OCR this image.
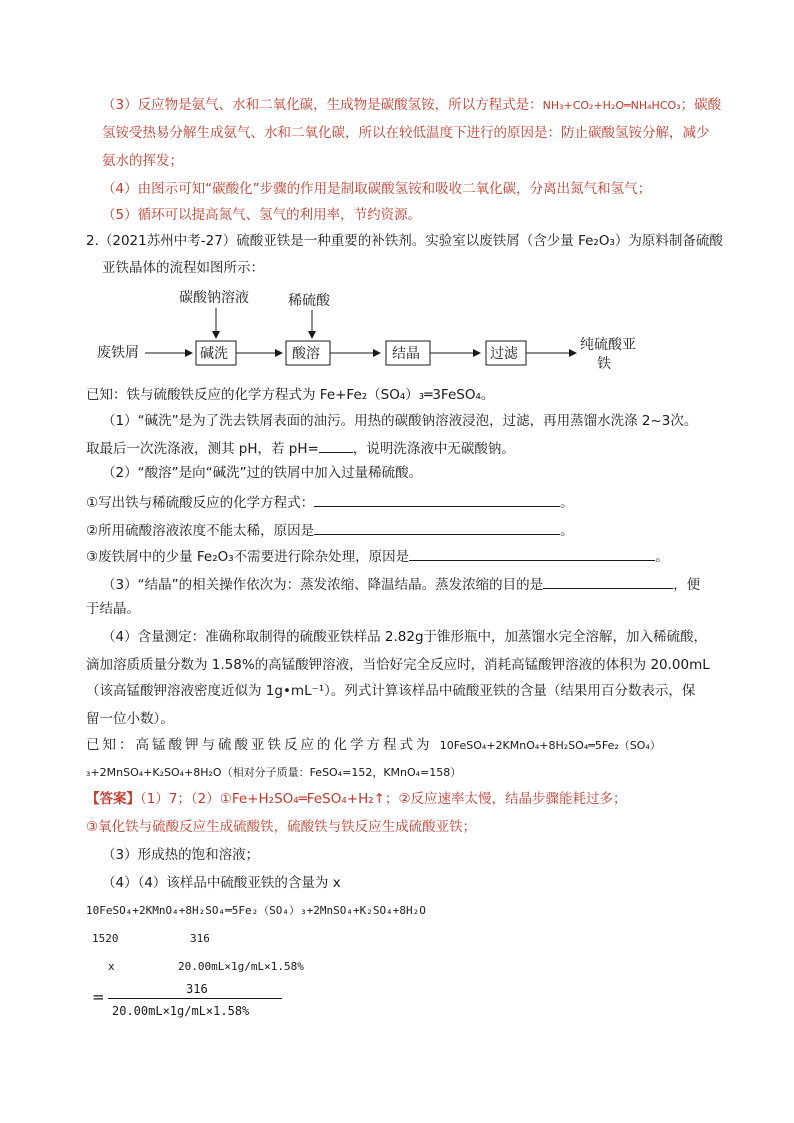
（3）反应物是氨气、水和二氧化碳，生成物是碳酸氢铵，所以方程式是：NH₃+CO₂+H₂O═NH₄HCO₃；碳酸
氢铵受热易分解生成氨气、水和二氧化碳，所以在较低温度下进行的原因是：防止碳酸氢铵分解，减少
氨水的挥发；
（4）由图示可知“碳酸化”步骤的作用是制取碳酸氢铵和吸收二氧化碳，分离出氮气和氢气；
（5）循环可以提高氮气、氢气的利用率，节约资源。
2.（2021苏州中考-27）硫酸亚铁是一种重要的补铁剂。实验室以废铁屑（含少量 Fe₂O₃）为原料制备硫酸
亚铁晶体的流程如图所示：
废铁屑	碱洗
碳酸钠溶液
酸溶
稀硫酸
结晶	过滤
纯硫酸亚
铁
已知：铁与硫酸铁反应的化学方程式为 Fe+Fe₂（SO₄）₃═3FeSO₄。
（1）“碱洗”是为了洗去铁屑表面的油污。用热的碳酸钠溶液浸泡，过滤，再用蒸馏水洗涤 2~3次。
取最后一次洗涤液，测其 pH，若 pH=	，说明洗涤液中无碳酸钠。
（2）“酸溶”是向“碱洗”过的铁屑中加入过量稀硫酸。
①写出铁与稀硫酸反应的化学方程式：	。
②所用硫酸溶液浓度不能太稀，原因是	。
③废铁屑中的少量 Fe₂O₃不需要进行除杂处理，原因是	。
（3）“结晶”的相关操作依次为：蒸发浓缩、降温结晶。蒸发浓缩的目的是	，便
于结晶。
（4）含量测定：准确称取制得的硫酸亚铁样品 2.82g于锥形瓶中，加蒸馏水完全溶解，加入稀硫酸，
滴加溶质质量分数为 1.58%的高锰酸钾溶液，当恰好完全反应时，消耗高锰酸钾溶液的体积为 20.00mL
（该高锰酸钾溶液密度近似为 1g•mL⁻¹）。列式计算该样品中硫酸亚铁的含量（结果用百分数表示，保
留一位小数）。
已知：高锰酸钾与硫酸亚铁反应的化学方程式为 10FeSO₄+2KMnO₄+8H₂SO₄═5Fe₂（SO₄）
₃+2MnSO₄+K₂SO₄+8H₂O（相对分子质量：FeSO₄=152，KMnO₄=158）
【答案】（1）7；（2）①Fe+H₂SO₄═FeSO₄+H₂↑；②反应速率太慢，结晶步骤能耗过多；
③氧化铁与硫酸反应生成硫酸铁，硫酸铁与铁反应生成硫酸亚铁；
（3）形成热的饱和溶液；
（4）（4）该样品中硫酸亚铁的含量为 x
10FeSO₄+2KMnO₄+8H₂SO₄═5Fe₂（SO₄）₃+2MnSO₄+K₂SO₄+8H₂O
1520	316
x	20.00mL×1g/mL×1.58%
=	316
20.00mL×1g/mL×1.58%
